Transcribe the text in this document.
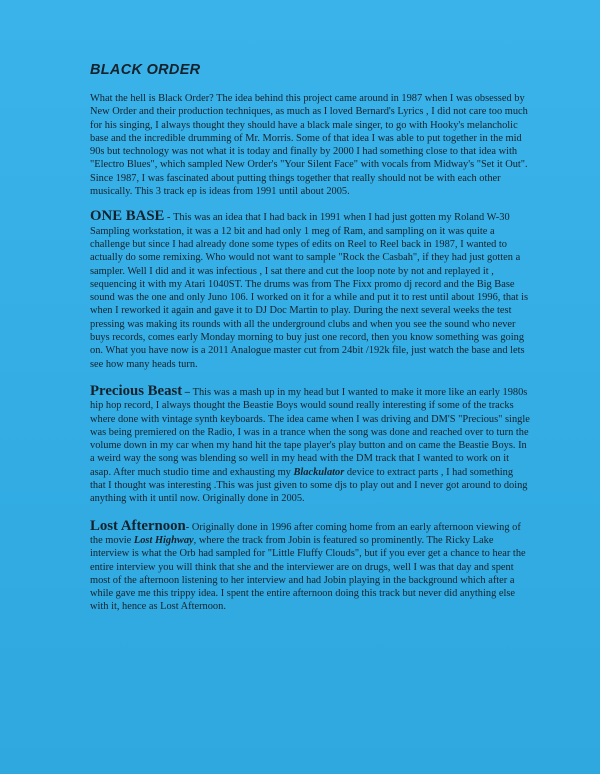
BLACK ORDER

What the hell is Black Order? The idea behind this project came around in 1987 when I was obsessed by New Order and their production techniques, as much as I loved Bernard's Lyrics , I did not care too much for his singing, I always thought they should have a black male singer, to go with Hooky's melancholic base and the incredible drumming of Mr. Morris. Some of that idea I was able to put together in the mid 90s but technology was not what it is today and finally by 2000 I had something close to that idea with "Electro Blues", which sampled New Order's "Your Silent Face" with vocals from Midway's "Set it Out". Since 1987, I was fascinated about putting things together that really should not be with each other musically. This 3 track ep is ideas from 1991 until about 2005.

ONE BASE - This was an idea that I had back in 1991 when I had just gotten my Roland W-30 Sampling workstation, it was a 12 bit and had only 1 meg of Ram, and sampling on it was quite a challenge but since I had already done some types of edits on Reel to Reel back in 1987, I wanted to actually do some remixing. Who would not want to sample "Rock the Casbah", if they had just gotten a sampler. Well I did and it was infectious , I sat there and cut the loop note by not and replayed it , sequencing it with my Atari 1040ST. The drums was from The Fixx promo dj record and the Big Base sound was the one and only Juno 106. I worked on it for a while and put it to rest until about 1996, that is when I reworked it again and gave it to DJ Doc Martin to play. During the next several weeks the test pressing was making its rounds with all the underground clubs and when you see the sound who never buys records, comes early Monday morning to buy just one record, then you know something was going on. What you have now is a 2011 Analogue master cut from 24bit /192k file, just watch the base and lets see how many heads turn.

Precious Beast – This was a mash up in my head but I wanted to make it more like an early 1980s hip hop record, I always thought the Beastie Boys would sound really interesting if some of the tracks where done with vintage synth keyboards. The idea came when I was driving and DM'S "Precious" single was being premiered on the Radio, I was in a trance when the song was done and reached over to turn the volume down in my car when my hand hit the tape player's play button and on came the Beastie Boys. In a weird way the song was blending so well in my head with the DM track that I wanted to work on it asap. After much studio time and exhausting my Blackulator device to extract parts , I had something that I thought was interesting .This was just given to some djs to play out and I never got around to doing anything with it until now. Originally done in 2005.

Lost Afternoon- Originally done in 1996 after coming home from an early afternoon viewing of the movie Lost Highway, where the track from Jobin is featured so prominently. The Ricky Lake interview is what the Orb had sampled for "Little Fluffy Clouds", but if you ever get a chance to hear the entire interview you will think that she and the interviewer are on drugs, well I was that day and spent most of the afternoon listening to her interview and had Jobin playing in the background which after a while gave me this trippy idea. I spent the entire afternoon doing this track but never did anything else with it, hence as Lost Afternoon.
